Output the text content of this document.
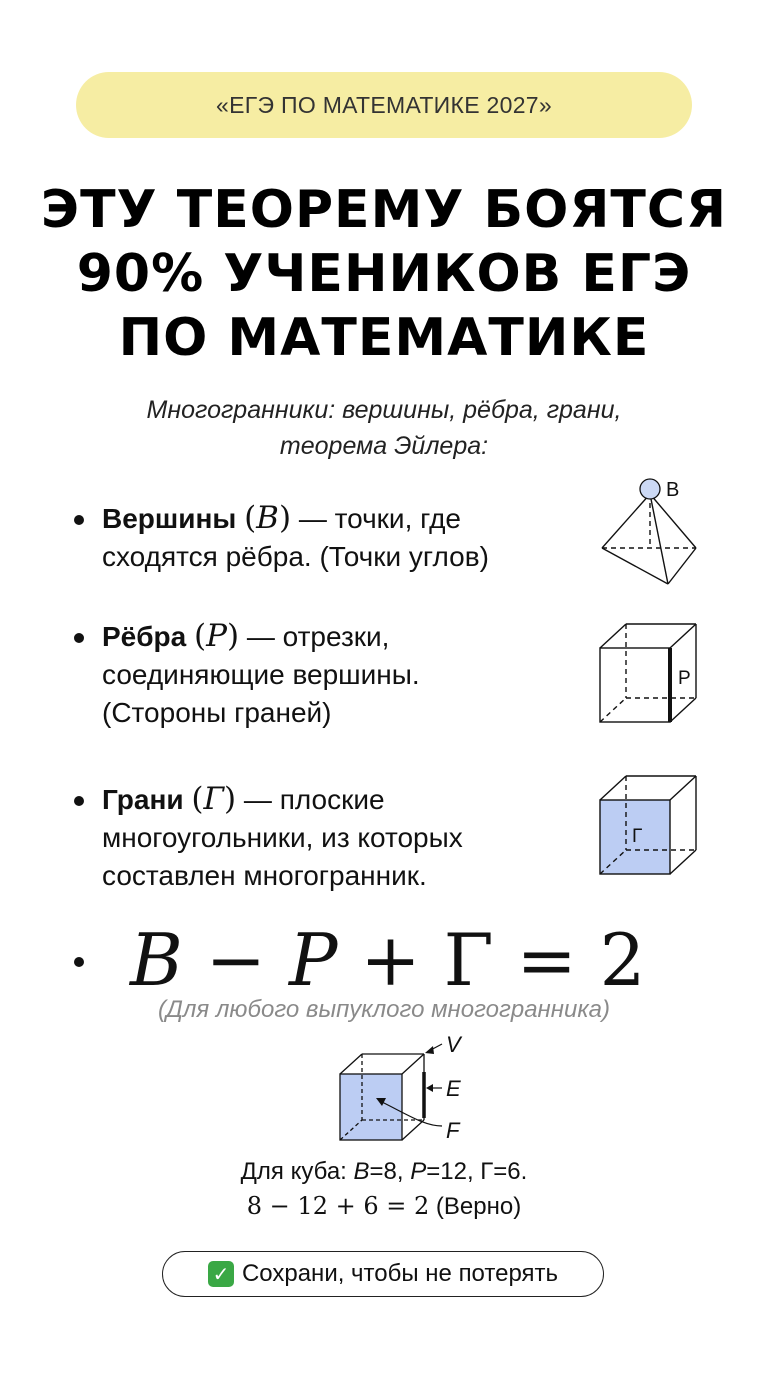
«ЕГЭ ПО МАТЕМАТИКЕ 2027»
ЭТУ ТЕОРЕМУ БОЯТСЯ
90% УЧЕНИКОВ ЕГЭ
ПО МАТЕМАТИКЕ
Многогранники: вершины, рёбра, грани,
теорема Эйлера:
Вершины (В) — точки, где
сходятся рёбра. (Точки углов)
В
Рёбра (Р) — отрезки,
соединяющие вершины.
(Стороны граней)
Р
Грани (Г) — плоские
многоугольники, из которых
составлен многогранник.
Г
В − Р + Γ = 2
(Для любого выпуклого многогранника)
V
E
F
Для куба: В=8, Р=12, Г=6.
8 − 12 + 6 = 2 (Верно)
✓ Сохрани, чтобы не потерять
